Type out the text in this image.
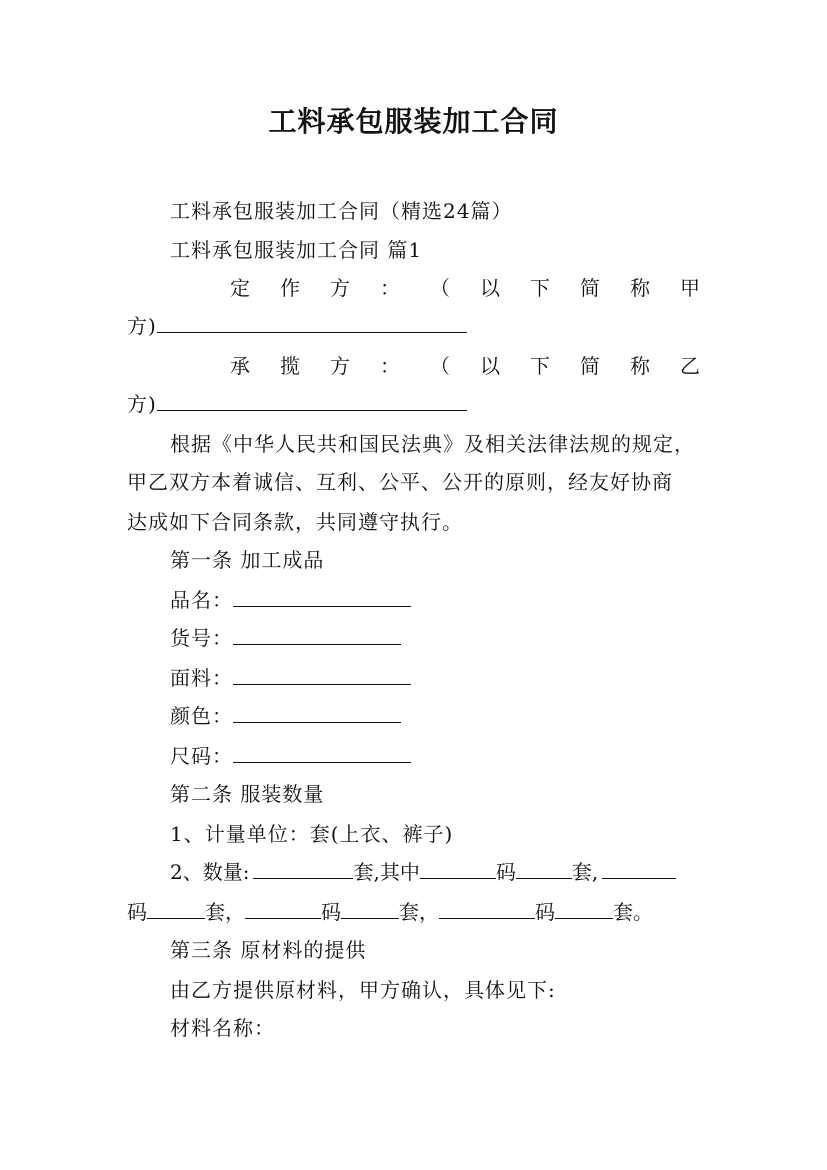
工料承包服装加工合同
工料承包服装加工合同（精选24篇）
工料承包服装加工合同 篇1
定 作 方 ： （ 以 下 简 称 甲
方)
承 揽 方 ： （ 以 下 简 称 乙
方)
根据《中华人民共和国民法典》及相关法律法规的规定，
甲乙双方本着诚信、互利、公平、公开的原则，经友好协商
达成如下合同条款，共同遵守执行。
第一条 加工成品
品名：
货号：
面料：
颜色：
尺码：
第二条 服装数量
1、计量单位：套(上衣、裤子)
2、数量:	套,其中	码	套,
码	套，	码	套，	码	套。
第三条 原材料的提供
由乙方提供原材料，甲方确认，具体见下:
材料名称：
